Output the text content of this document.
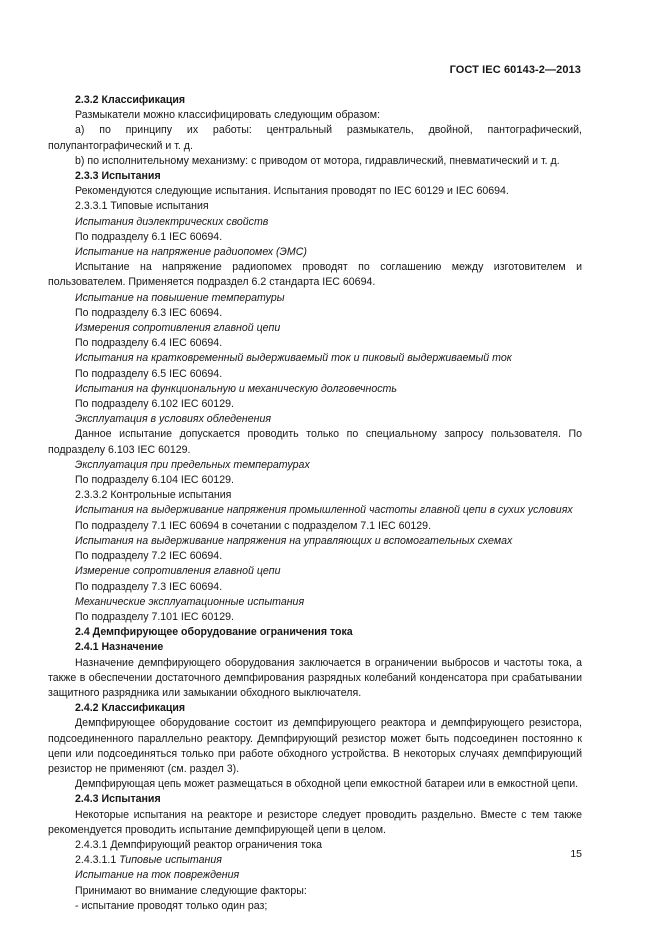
ГОСТ IEC 60143-2—2013

2.3.2 Классификация

Размыкатели можно классифицировать следующим образом:

a) по принципу их работы: центральный размыкатель, двойной, пантографический, полупантографический и т. д.

b) по исполнительному механизму: с приводом от мотора, гидравлический, пневматический и т. д.

2.3.3 Испытания

Рекомендуются следующие испытания. Испытания проводят по IEC 60129 и IEC 60694.

2.3.3.1 Типовые испытания

Испытания диэлектрических свойств

По подразделу 6.1 IEC 60694.

Испытание на напряжение радиопомех (ЭМС)

Испытание на напряжение радиопомех проводят по соглашению между изготовителем и пользователем. Применяется подраздел 6.2 стандарта IEC 60694.

Испытание на повышение температуры

По подразделу 6.3 IEC 60694.

Измерения сопротивления главной цепи

По подразделу 6.4 IEC 60694.

Испытания на кратковременный выдерживаемый ток и пиковый выдерживаемый ток

По подразделу 6.5 IEC 60694.

Испытания на функциональную и механическую долговечность

По подразделу 6.102 IEC 60129.

Эксплуатация в условиях обледенения

Данное испытание допускается проводить только по специальному запросу пользователя. По подразделу 6.103 IEC 60129.

Эксплуатация при предельных температурах

По подразделу 6.104 IEC 60129.

2.3.3.2 Контрольные испытания

Испытания на выдерживание напряжения промышленной частоты главной цепи в сухих условиях

По подразделу 7.1 IEC 60694 в сочетании с подразделом 7.1 IEC 60129.

Испытания на выдерживание напряжения на управляющих и вспомогательных схемах

По подразделу 7.2 IEC 60694.

Измерение сопротивления главной цепи

По подразделу 7.3 IEC 60694.

Механические эксплуатационные испытания

По подразделу 7.101 IEC 60129.

2.4 Демпфирующее оборудование ограничения тока

2.4.1 Назначение

Назначение демпфирующего оборудования заключается в ограничении выбросов и частоты тока, а также в обеспечении достаточного демпфирования разрядных колебаний конденсатора при срабатывании защитного разрядника или замыкании обходного выключателя.

2.4.2 Классификация

Демпфирующее оборудование состоит из демпфирующего реактора и демпфирующего резистора, подсоединенного параллельно реактору. Демпфирующий резистор может быть подсоединен постоянно к цепи или подсоединяться только при работе обходного устройства. В некоторых случаях демпфирующий резистор не применяют (см. раздел 3).

Демпфирующая цепь может размещаться в обходной цепи емкостной батареи или в емкостной цепи.

2.4.3 Испытания

Некоторые испытания на реакторе и резисторе следует проводить раздельно. Вместе с тем также рекомендуется проводить испытание демпфирующей цепи в целом.

2.4.3.1 Демпфирующий реактор ограничения тока

2.4.3.1.1 Типовые испытания

Испытание на ток повреждения

Принимают во внимание следующие факторы:

- испытание проводят только один раз;

15
